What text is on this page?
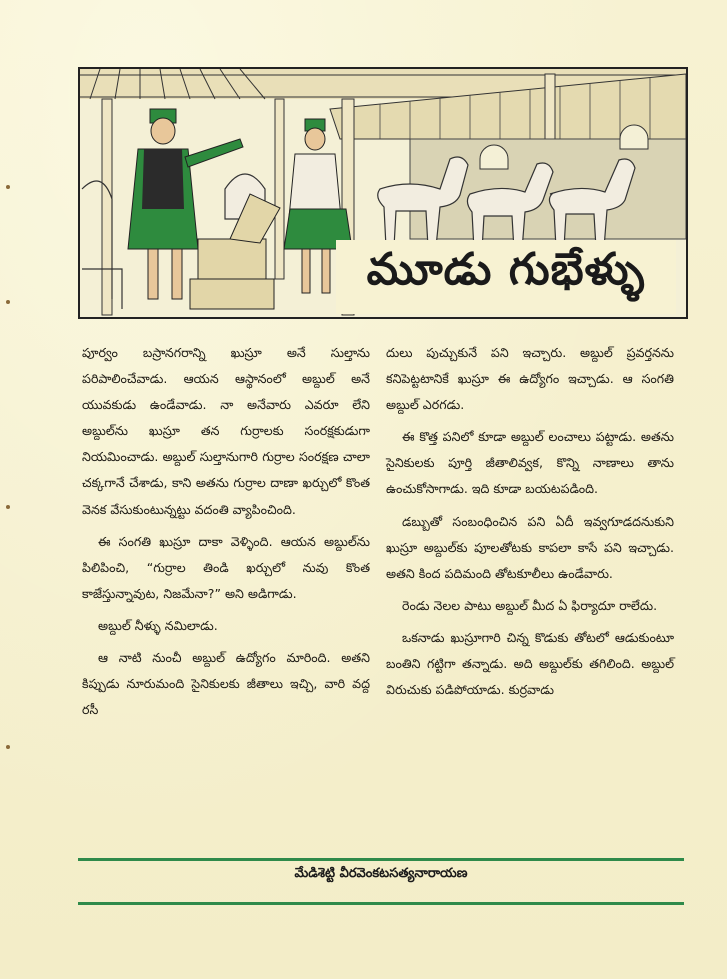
మూడు గుభేళ్ళు

పూర్వం బస్రానగరాన్ని ఖుస్రూ అనే సుల్తాను పరిపాలించేవాడు. ఆయన ఆస్థానంలో అబ్దుల్ అనే యువకుడు ఉండేవాడు. నా అనేవారు ఎవరూ లేని అబ్దుల్‌ను ఖుస్రూ తన గుర్రాలకు సంరక్షకుడుగా నియమించాడు. అబ్దుల్ సుల్తానుగారి గుర్రాల సంరక్షణ చాలా చక్కగానే చేశాడు, కాని అతను గుర్రాల దాణా ఖర్చులో కొంత వెనక వేసుకుంటున్నట్టు వదంతి వ్యాపించింది.

ఈ సంగతి ఖుస్రూ దాకా వెళ్ళింది. ఆయన అబ్దుల్‌ను పిలిపించి, “గుర్రాల తిండి ఖర్చులో నువు కొంత కాజేస్తున్నావుట, నిజమేనా?” అని అడిగాడు.

అబ్దుల్ నీళ్ళు నమిలాడు.

ఆ నాటి నుంచీ అబ్దుల్ ఉద్యోగం మారింది. అతని కిప్పుడు నూరుమంది సైనికులకు జీతాలు ఇచ్చి, వారి వద్ద రసీ

దులు పుచ్చుకునే పని ఇచ్చారు. అబ్దుల్ ప్రవర్తనను కనిపెట్టటానికే ఖుస్రూ ఈ ఉద్యోగం ఇచ్చాడు. ఆ సంగతి అబ్దుల్ ఎరగడు.

ఈ కొత్త పనిలో కూడా అబ్దుల్ లంచాలు పట్టాడు. అతను సైనికులకు పూర్తి జీతాలివ్వక, కొన్ని నాణాలు తాను ఉంచుకోసాగాడు. ఇది కూడా బయటపడింది.

డబ్బుతో సంబంధించిన పని ఏదీ ఇవ్వగూడదనుకుని ఖుస్రూ అబ్దుల్‌కు పూలతోటకు కాపలా కాసే పని ఇచ్చాడు. అతని కింద పదిమంది తోటకూలీలు ఉండేవారు.

రెండు నెలల పాటు అబ్దుల్ మీద ఏ ఫిర్యాదూ రాలేదు.

ఒకనాడు ఖుస్రూగారి చిన్న కొడుకు తోటలో ఆడుకుంటూ బంతిని గట్టిగా తన్నాడు. అది అబ్దుల్‌కు తగిలింది. అబ్దుల్ విరుచుకు పడిపోయాడు. కుర్రవాడు

మేడిశెట్టి వీరవెంకటసత్యనారాయణ
